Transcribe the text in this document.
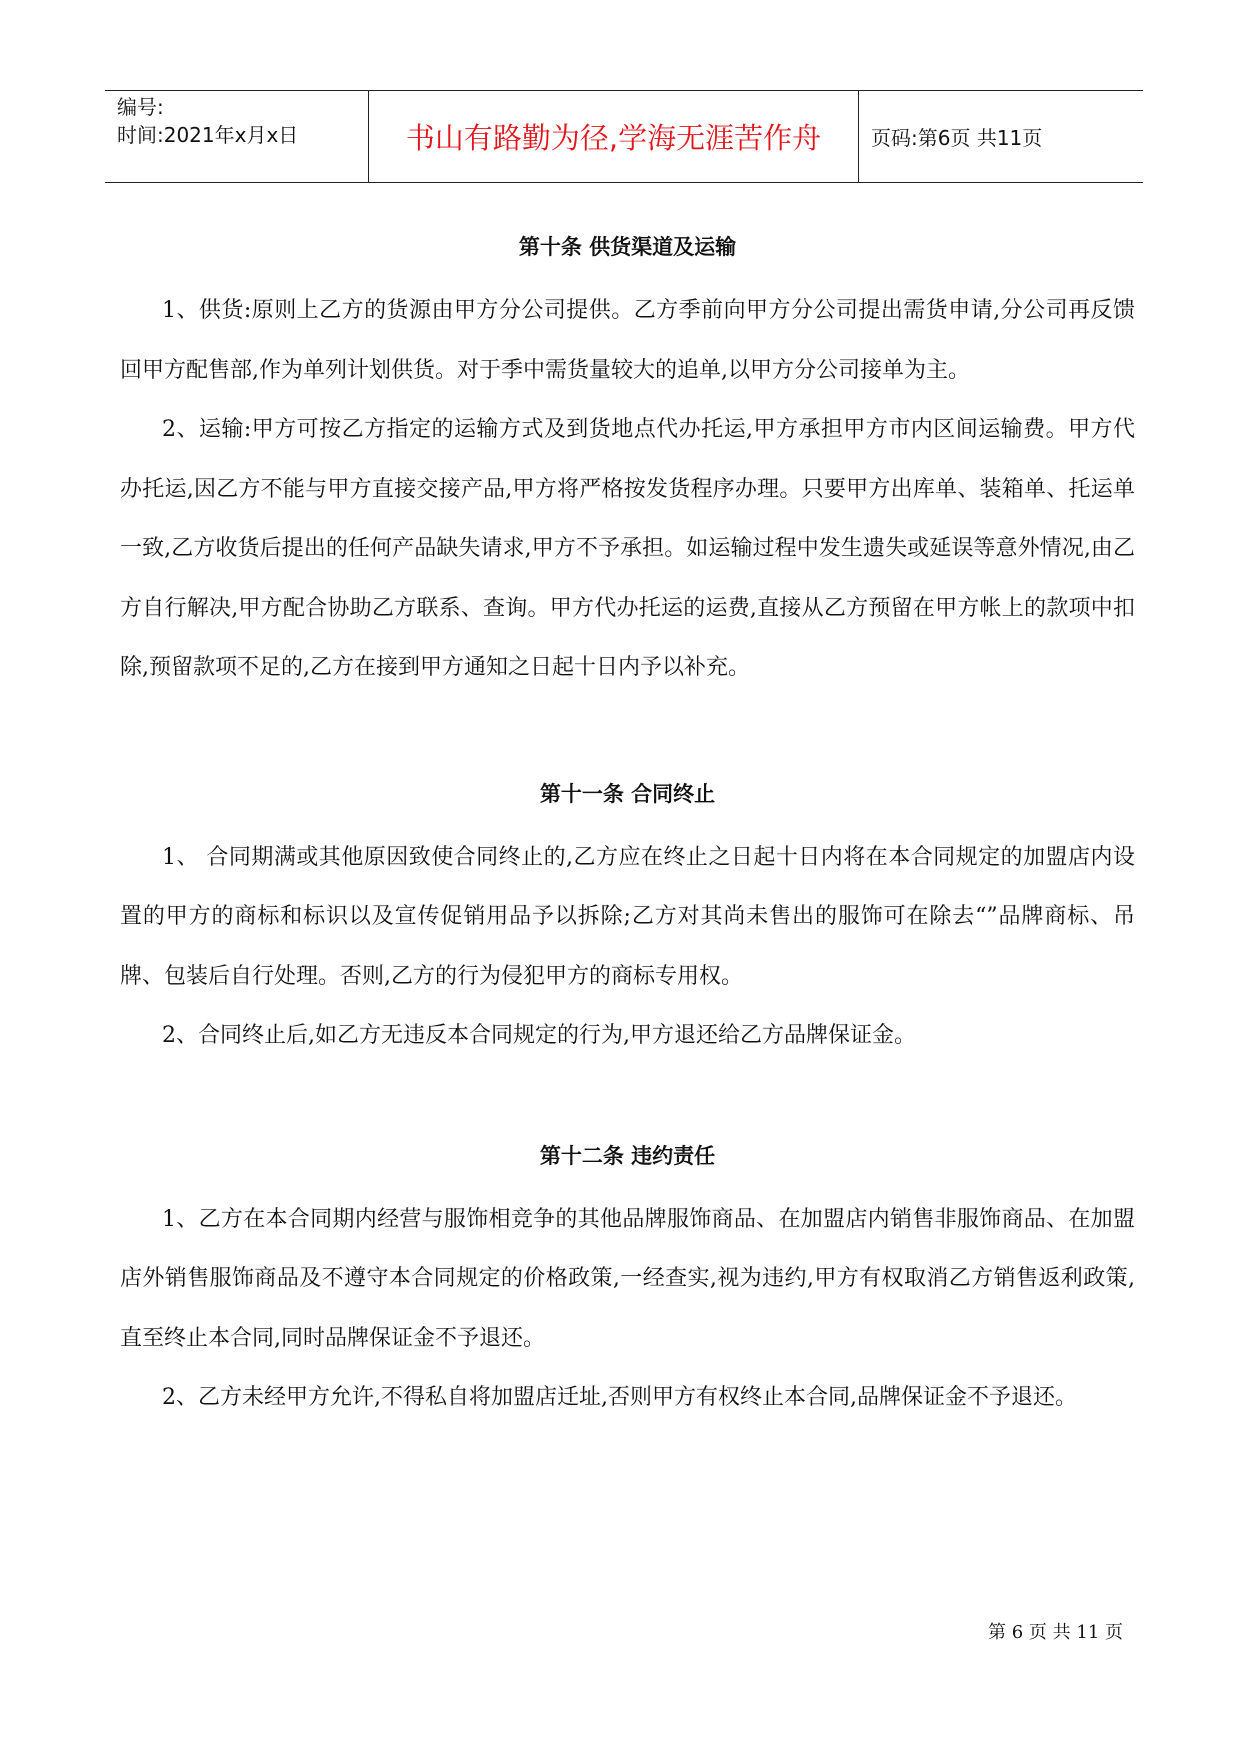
编号:
时间:2021年x月x日	书山有路勤为径,学海无涯苦作舟	页码:第6页 共11页
第十条 供货渠道及运输

1、供货:原则上乙方的货源由甲方分公司提供。乙方季前向甲方分公司提出需货申请,分公司再反馈回甲方配售部,作为单列计划供货。对于季中需货量较大的追单,以甲方分公司接单为主。

2、运输:甲方可按乙方指定的运输方式及到货地点代办托运,甲方承担甲方市内区间运输费。甲方代办托运,因乙方不能与甲方直接交接产品,甲方将严格按发货程序办理。只要甲方出库单、装箱单、托运单一致,乙方收货后提出的任何产品缺失请求,甲方不予承担。如运输过程中发生遗失或延误等意外情况,由乙方自行解决,甲方配合协助乙方联系、查询。甲方代办托运的运费,直接从乙方预留在甲方帐上的款项中扣除,预留款项不足的,乙方在接到甲方通知之日起十日内予以补充。

第十一条 合同终止

1、 合同期满或其他原因致使合同终止的,乙方应在终止之日起十日内将在本合同规定的加盟店内设置的甲方的商标和标识以及宣传促销用品予以拆除;乙方对其尚未售出的服饰可在除去“”品牌商标、吊牌、包装后自行处理。否则,乙方的行为侵犯甲方的商标专用权。

2、合同终止后,如乙方无违反本合同规定的行为,甲方退还给乙方品牌保证金。

第十二条 违约责任

1、乙方在本合同期内经营与服饰相竞争的其他品牌服饰商品、在加盟店内销售非服饰商品、在加盟店外销售服饰商品及不遵守本合同规定的价格政策,一经查实,视为违约,甲方有权取消乙方销售返利政策,直至终止本合同,同时品牌保证金不予退还。

2、乙方未经甲方允许,不得私自将加盟店迁址,否则甲方有权终止本合同,品牌保证金不予退还。

第 6 页 共 11 页
